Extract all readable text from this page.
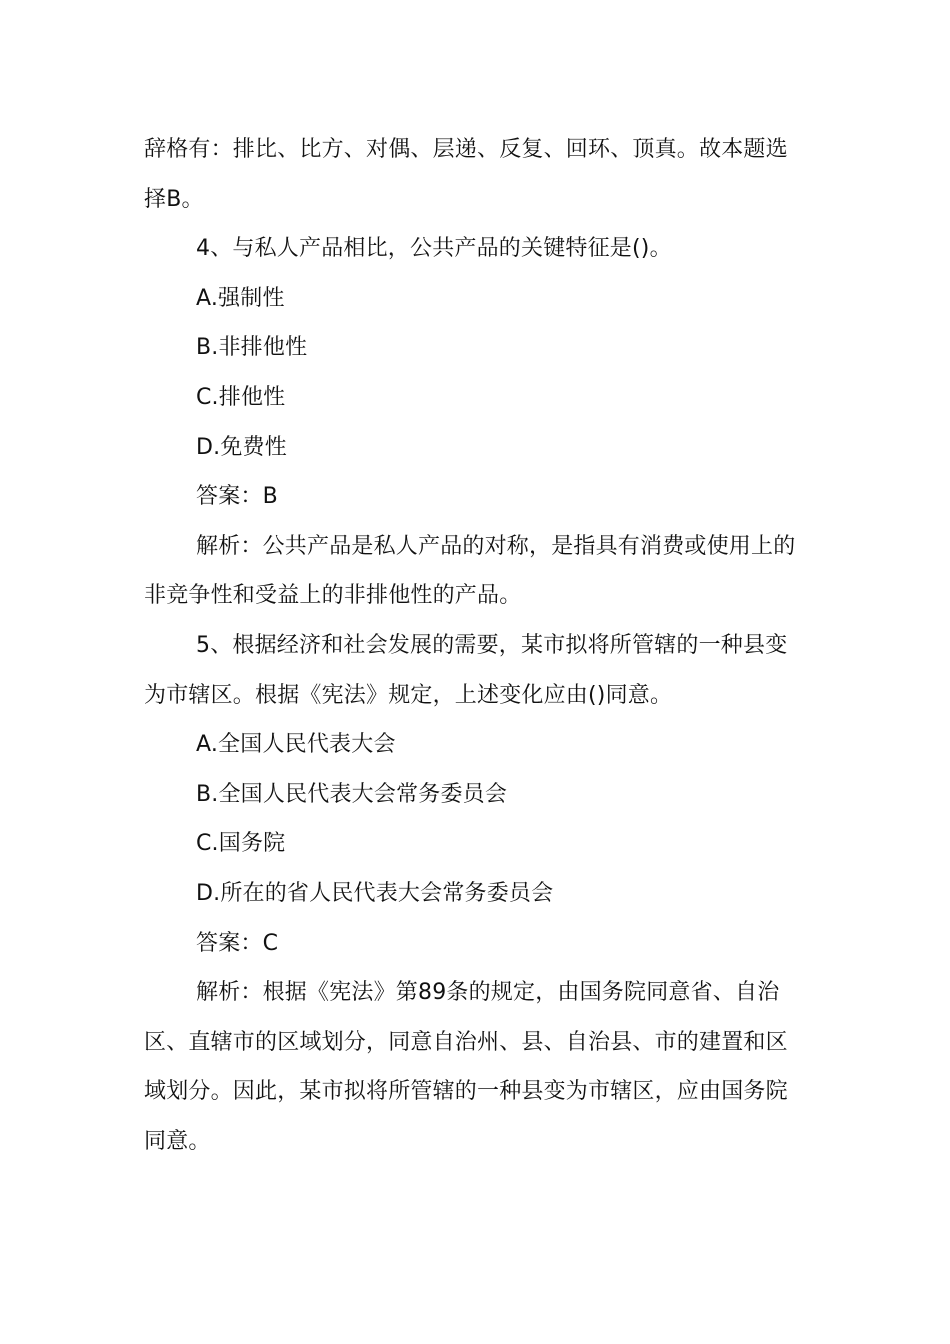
辞格有：排比、比方、对偶、层递、反复、回环、顶真。故本题选
择B。
4、与私人产品相比，公共产品的关键特征是()。
A.强制性
B.非排他性
C.排他性
D.免费性
答案：B
解析：公共产品是私人产品的对称，是指具有消费或使用上的
非竞争性和受益上的非排他性的产品。
5、根据经济和社会发展的需要，某市拟将所管辖的一种县变
为市辖区。根据《宪法》规定，上述变化应由()同意。
A.全国人民代表大会
B.全国人民代表大会常务委员会
C.国务院
D.所在的省人民代表大会常务委员会
答案：C
解析：根据《宪法》第89条的规定，由国务院同意省、自治
区、直辖市的区域划分，同意自治州、县、自治县、市的建置和区
域划分。因此，某市拟将所管辖的一种县变为市辖区，应由国务院
同意。
